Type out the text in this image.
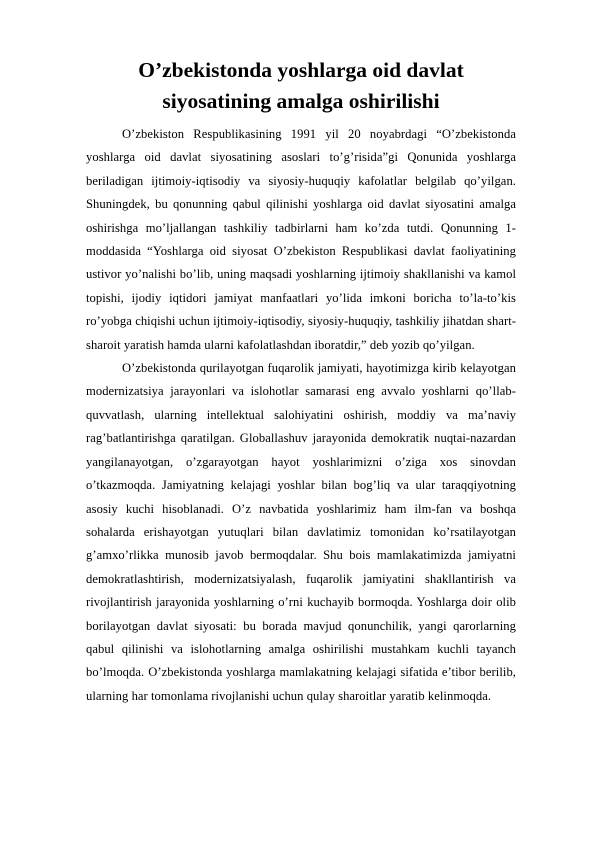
O’zbekistonda yoshlarga oid davlat siyosatining amalga oshirilishi

O’zbekiston Respublikasining 1991 yil 20 noyabrdagi “O’zbekistonda yoshlarga oid davlat siyosatining asoslari to’g’risida”gi Qonunida yoshlarga beriladigan ijtimoiy-iqtisodiy va siyosiy-huquqiy kafolatlar belgilab qo’yilgan. Shuningdek, bu qonunning qabul qilinishi yoshlarga oid davlat siyosatini amalga oshirishga mo’ljallangan tashkiliy tadbirlarni ham ko’zda tutdi. Qonunning 1-moddasida “Yoshlarga oid siyosat O’zbekiston Respublikasi davlat faoliyatining ustivor yo’nalishi bo’lib, uning maqsadi yoshlarning ijtimoiy shakllanishi va kamol topishi, ijodiy iqtidori jamiyat manfaatlari yo’lida imkoni boricha to’la-to’kis ro’yobga chiqishi uchun ijtimoiy-iqtisodiy, siyosiy-huquqiy, tashkiliy jihatdan shart-sharoit yaratish hamda ularni kafolatlashdan iboratdir,” deb yozib qo’yilgan.

O’zbekistonda qurilayotgan fuqarolik jamiyati, hayotimizga kirib kelayotgan modernizatsiya jarayonlari va islohotlar samarasi eng avvalo yoshlarni qo’llab-quvvatlash, ularning intellektual salohiyatini oshirish, moddiy va ma’naviy rag’batlantirishga qaratilgan. Globallashuv jarayonida demokratik nuqtai-nazardan yangilanayotgan, o’zgarayotgan hayot yoshlarimizni o’ziga xos sinovdan o’tkazmoqda. Jamiyatning kelajagi yoshlar bilan bog’liq va ular taraqqiyotning asosiy kuchi hisoblanadi. O’z navbatida yoshlarimiz ham ilm-fan va boshqa sohalarda erishayotgan yutuqlari bilan davlatimiz tomonidan ko’rsatilayotgan g’amxo’rlikka munosib javob bermoqdalar. Shu bois mamlakatimizda jamiyatni demokratlashtirish, modernizatsiyalash, fuqarolik jamiyatini shakllantirish va rivojlantirish jarayonida yoshlarning o’rni kuchayib bormoqda. Yoshlarga doir olib borilayotgan davlat siyosati: bu borada mavjud qonunchilik, yangi qarorlarning qabul qilinishi va islohotlarning amalga oshirilishi mustahkam kuchli tayanch bo’lmoqda. O’zbekistonda yoshlarga mamlakatning kelajagi sifatida e’tibor berilib, ularning har tomonlama rivojlanishi uchun qulay sharoitlar yaratib kelinmoqda.
